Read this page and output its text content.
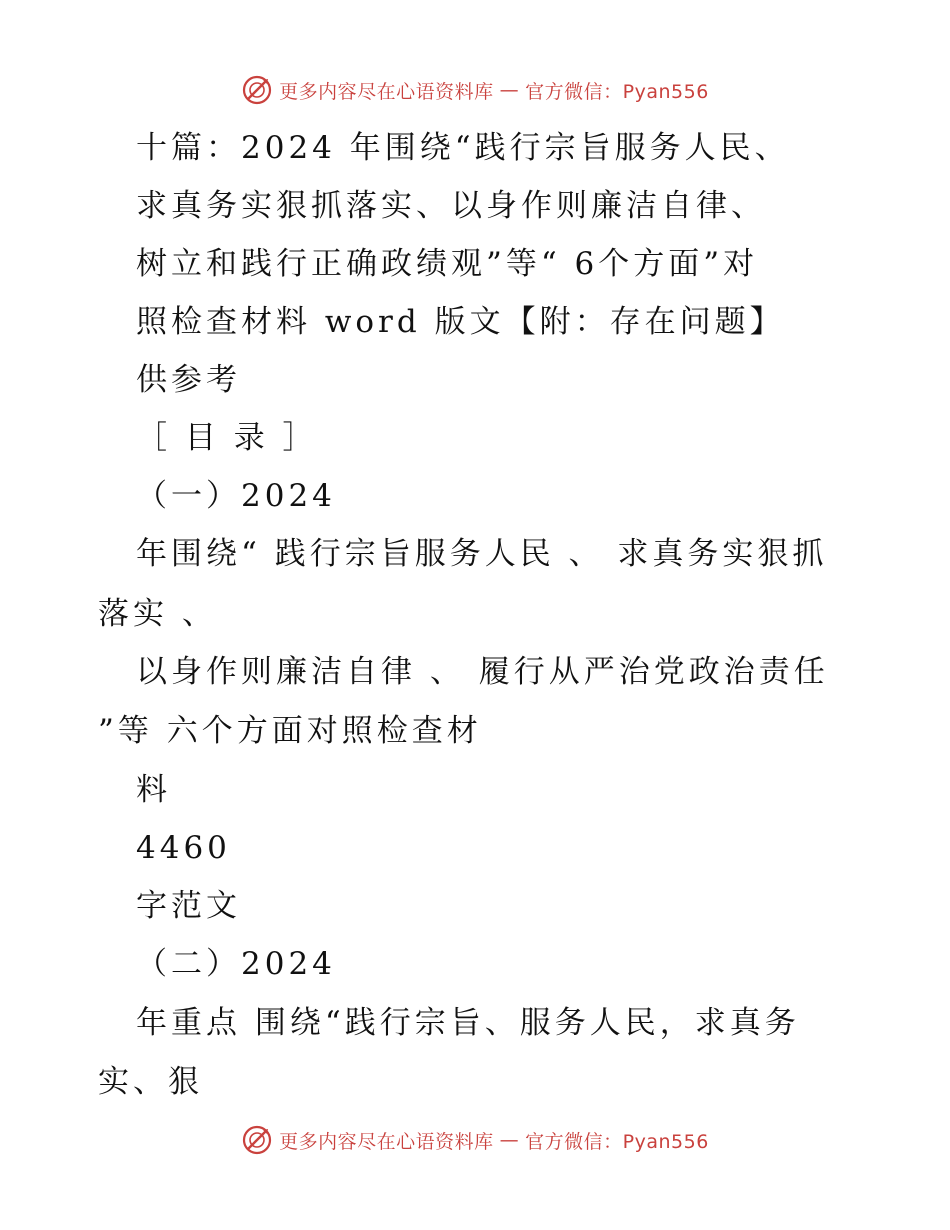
更多内容尽在心语资料库 — 官方微信：Pyan556
十篇：2024 年围绕“践行宗旨服务人民、
求真务实狠抓落实、以身作则廉洁自律、
树立和践行正确政绩观”等“ 6个方面”对
照检查材料 word 版文【附：存在问题】
供参考
［ 目 录 ］
（一）2024
年围绕“ 践行宗旨服务人民 、 求真务实狠抓
落实 、
以身作则廉洁自律 、 履行从严治党政治责任
”等 六个方面对照检查材
料
4460
字范文
（二）2024
年重点 围绕“践行宗旨、服务人民，求真务
实、狠
更多内容尽在心语资料库 — 官方微信：Pyan556
